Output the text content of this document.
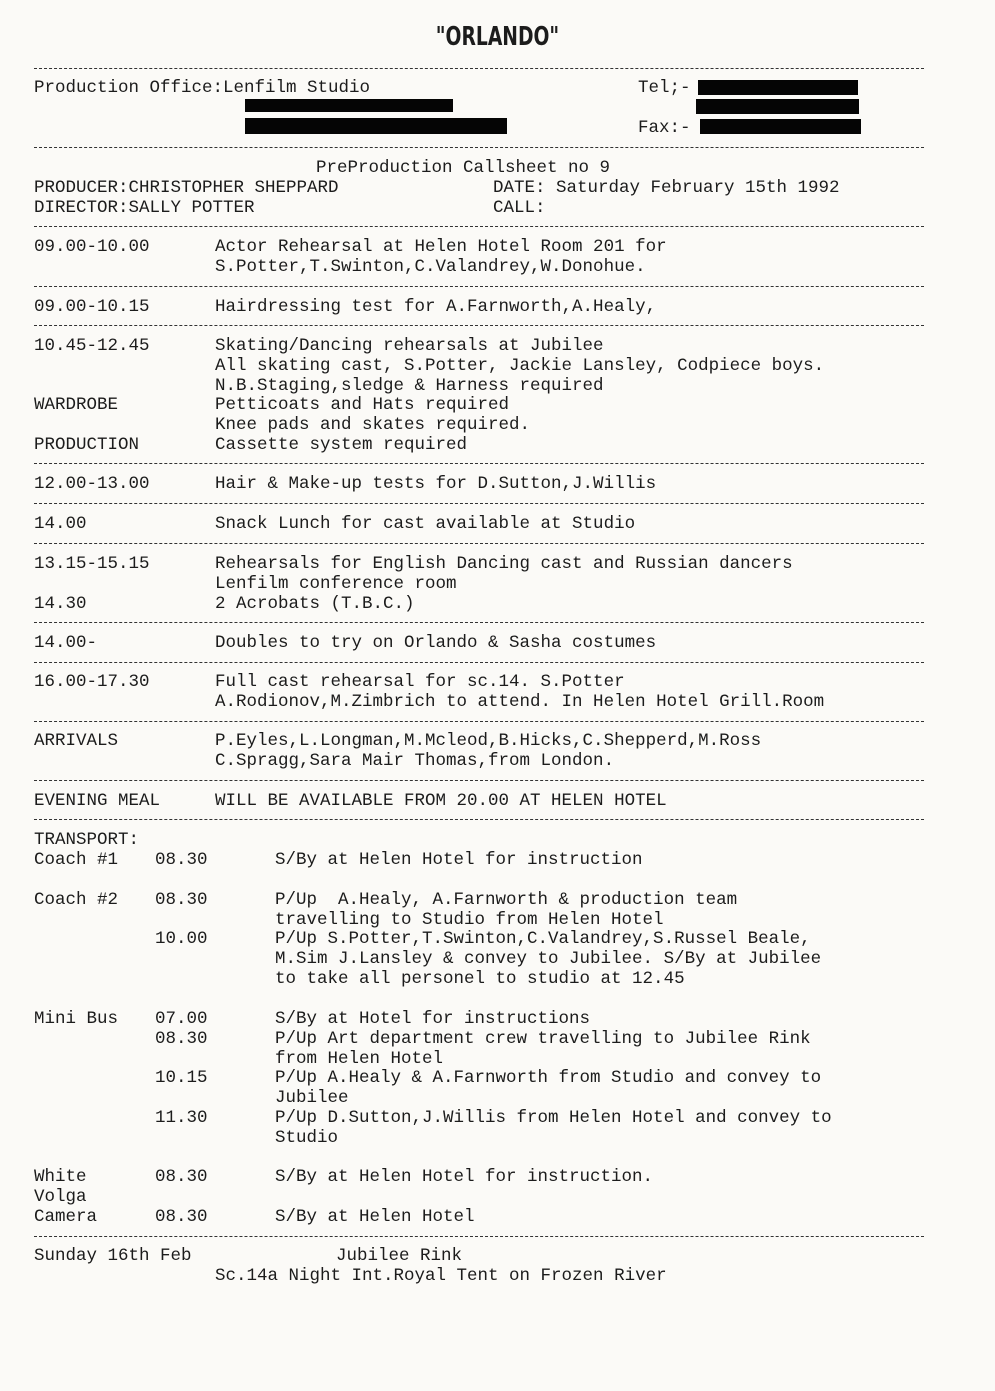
"ORLANDO"
Production Office:Lenfilm Studio	Tel;-
Fax:-
PreProduction Callsheet no 9
PRODUCER:CHRISTOPHER SHEPPARD	DATE: Saturday February 15th 1992
DIRECTOR:SALLY POTTER	CALL:
09.00-10.00	Actor Rehearsal at Helen Hotel Room 201 for
S.Potter,T.Swinton,C.Valandrey,W.Donohue.
09.00-10.15	Hairdressing test for A.Farnworth,A.Healy,
10.45-12.45	Skating/Dancing rehearsals at Jubilee
All skating cast, S.Potter, Jackie Lansley, Codpiece boys.
N.B.Staging,sledge & Harness required
WARDROBE	Petticoats and Hats required
Knee pads and skates required.
PRODUCTION	Cassette system required
12.00-13.00	Hair & Make-up tests for D.Sutton,J.Willis
14.00	Snack Lunch for cast available at Studio
13.15-15.15	Rehearsals for English Dancing cast and Russian dancers
Lenfilm conference room
14.30	2 Acrobats (T.B.C.)
14.00-	Doubles to try on Orlando & Sasha costumes
16.00-17.30	Full cast rehearsal for sc.14. S.Potter
A.Rodionov,M.Zimbrich to attend. In Helen Hotel Grill.Room
ARRIVALS	P.Eyles,L.Longman,M.Mcleod,B.Hicks,C.Shepperd,M.Ross
C.Spragg,Sara Mair Thomas,from London.
EVENING MEAL	WILL BE AVAILABLE FROM 20.00 AT HELEN HOTEL
TRANSPORT:
Coach #1 08.30	S/By at Helen Hotel for instruction
Coach #2 08.30	P/Up  A.Healy, A.Farnworth & production team
travelling to Studio from Helen Hotel
10.00	P/Up S.Potter,T.Swinton,C.Valandrey,S.Russel Beale,
M.Sim J.Lansley & convey to Jubilee. S/By at Jubilee
to take all personel to studio at 12.45
Mini Bus 07.00	S/By at Hotel for instructions
08.30	P/Up Art department crew travelling to Jubilee Rink
from Helen Hotel
10.15	P/Up A.Healy & A.Farnworth from Studio and convey to
Jubilee
11.30	P/Up D.Sutton,J.Willis from Helen Hotel and convey to
Studio
White
Volga
08.30	S/By at Helen Hotel for instruction.
Camera	08.30	S/By at Helen Hotel
Sunday 16th Feb	Jubilee Rink
Sc.14a Night Int.Royal Tent on Frozen River
